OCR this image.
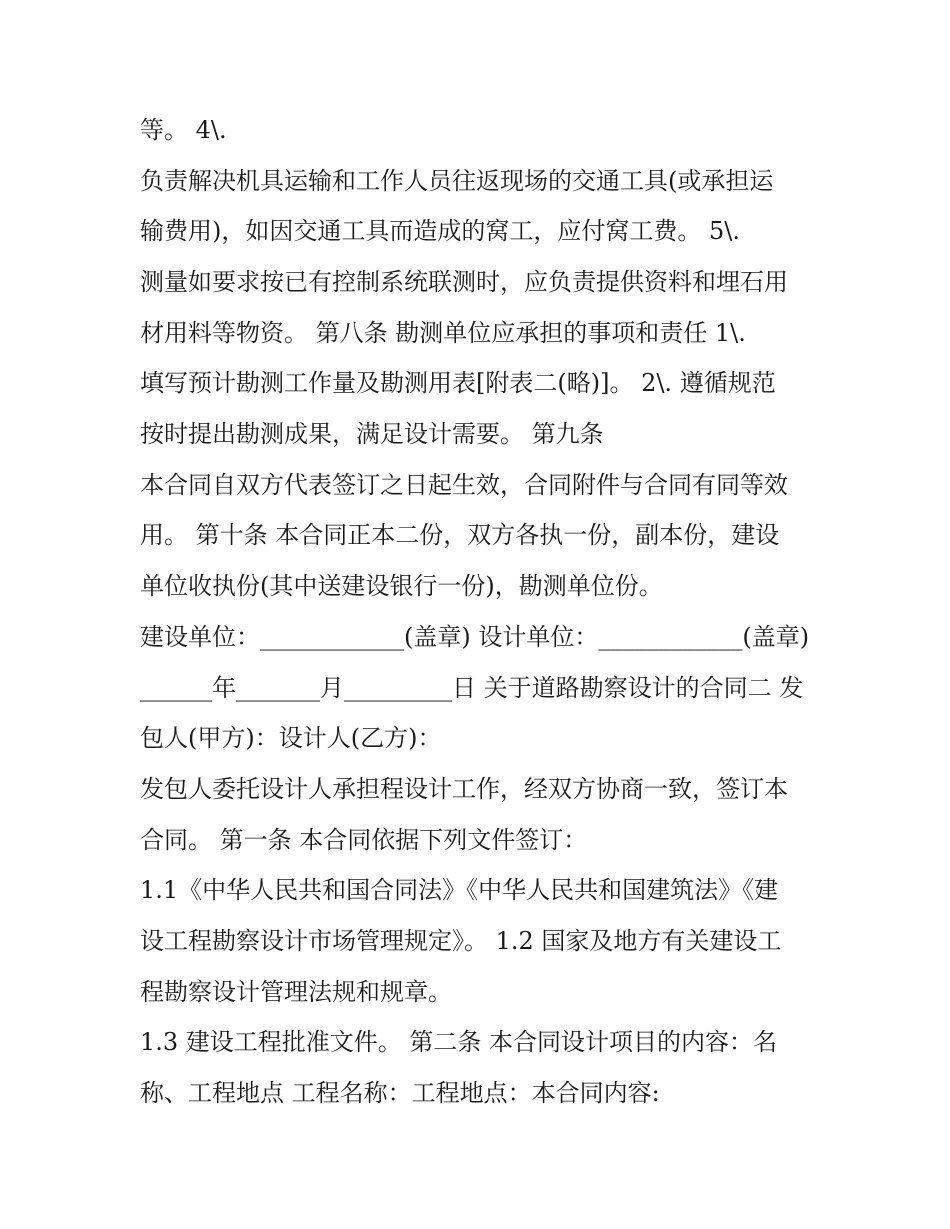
等。 4\.

负责解决机具运输和工作人员往返现场的交通工具(或承担运

输费用)，如因交通工具而造成的窝工，应付窝工费。 5\.

测量如要求按已有控制系统联测时，应负责提供资料和埋石用

材用料等物资。 第八条 勘测单位应承担的事项和责任 1\.

填写预计勘测工作量及勘测用表[附表二(略)]。 2\. 遵循规范

按时提出勘测成果，满足设计需要。 第九条

本合同自双方代表签订之日起生效，合同附件与合同有同等效

用。 第十条 本合同正本二份，双方各执一份，副本份，建设

单位收执份(其中送建设银行一份)，勘测单位份。

建设单位：____________(盖章) 设计单位：____________(盖章)

______年_______月_________日 关于道路勘察设计的合同二 发

包人(甲方)：设计人(乙方)：

发包人委托设计人承担程设计工作，经双方协商一致，签订本

合同。 第一条 本合同依据下列文件签订：

1.1《中华人民共和国合同法》《中华人民共和国建筑法》《建

设工程勘察设计市场管理规定》。 1.2 国家及地方有关建设工

程勘察设计管理法规和规章。

1.3 建设工程批准文件。 第二条 本合同设计项目的内容：名

称、工程地点 工程名称：工程地点：本合同内容:
